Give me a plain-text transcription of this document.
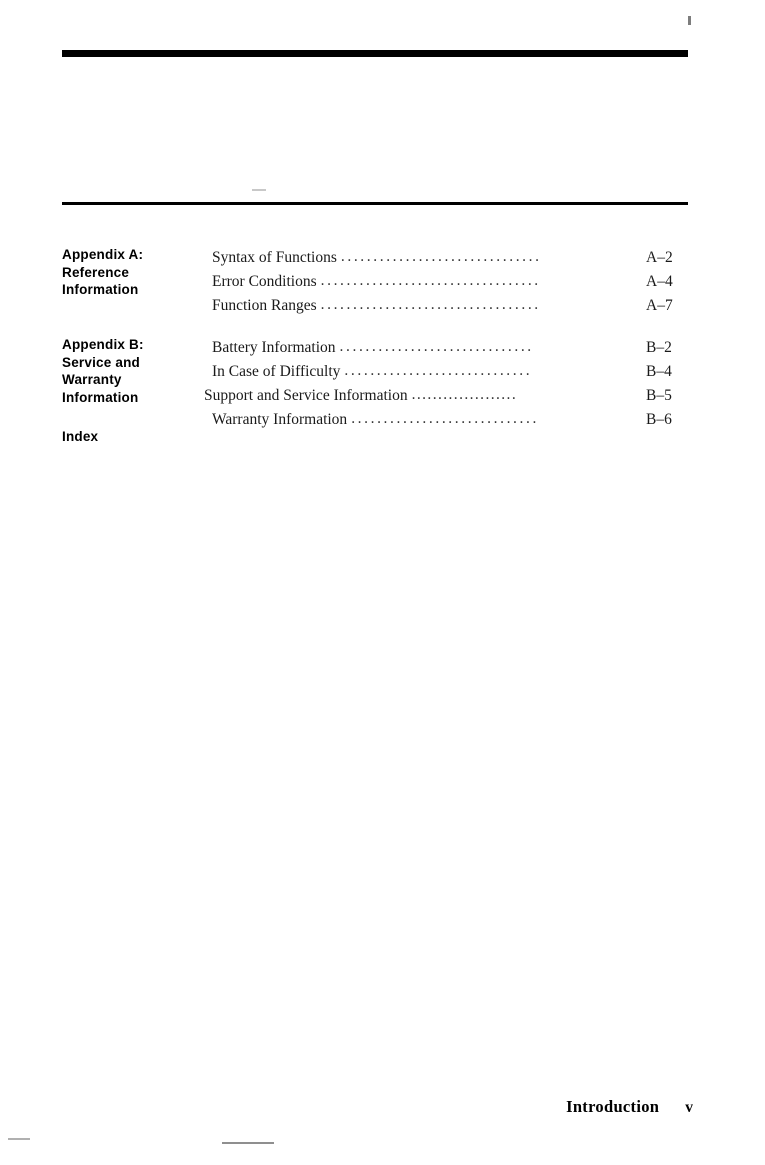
Appendix A:
Reference
Information
Syntax of Functions ...............................	A–2
Error Conditions ..................................	A–4
Function Ranges ..................................	A–7
Appendix B:
Service and
Warranty
Information
Battery Information ..............................	B–2
In Case of Difficulty .............................	B–4
Support and Service Information ....................	B–5
Warranty Information .............................	B–6
Index
Introduction v
